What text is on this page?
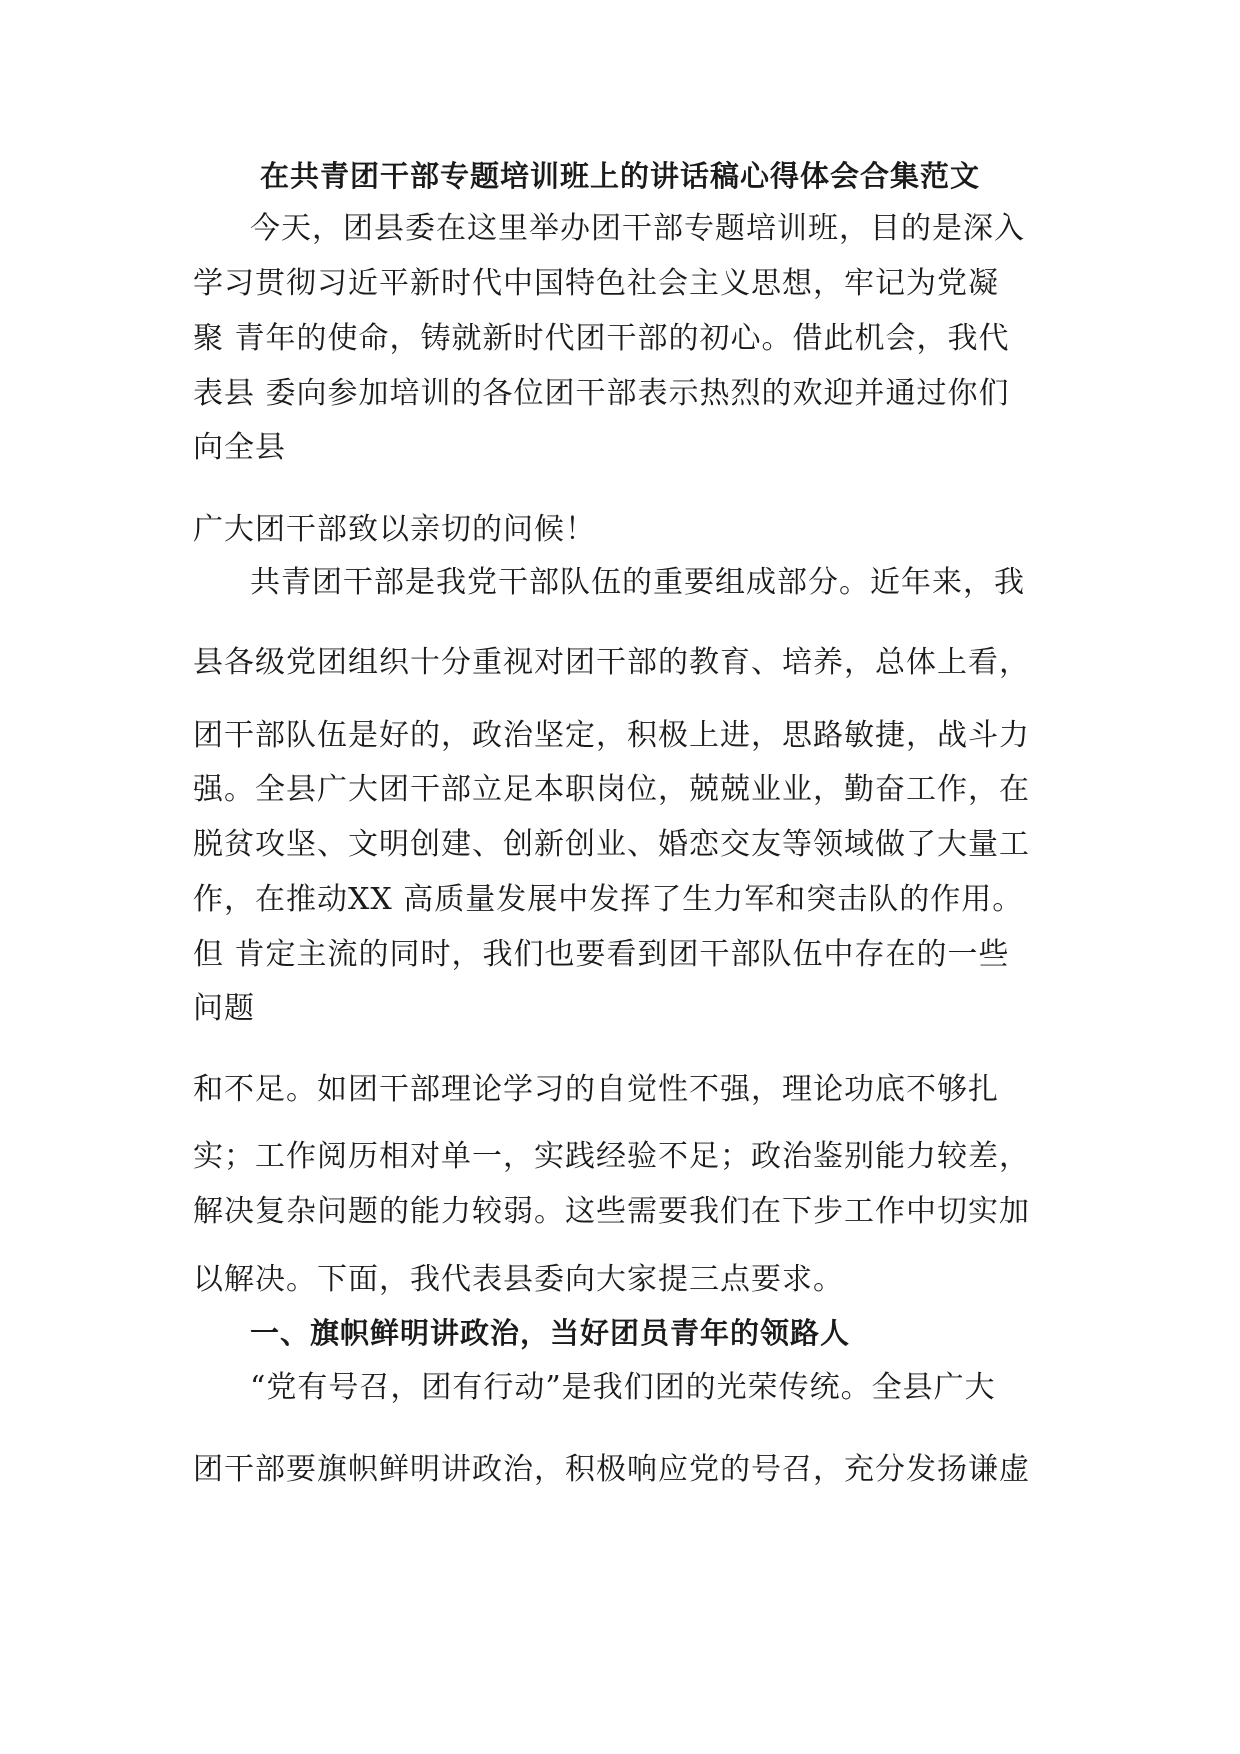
在共青团干部专题培训班上的讲话稿心得体会合集范文
今天，团县委在这里举办团干部专题培训班，目的是深入
学习贯彻习近平新时代中国特色社会主义思想，牢记为党凝
聚 青年的使命，铸就新时代团干部的初心。借此机会，我代
表县 委向参加培训的各位团干部表示热烈的欢迎并通过你们
向全县
广大团干部致以亲切的问候！
共青团干部是我党干部队伍的重要组成部分。近年来，我
县各级党团组织十分重视对团干部的教育、培养，总体上看，
团干部队伍是好的，政治坚定，积极上进，思路敏捷，战斗力
强。全县广大团干部立足本职岗位，兢兢业业，勤奋工作，在
脱贫攻坚、文明创建、创新创业、婚恋交友等领域做了大量工
作，在推动XX 高质量发展中发挥了生力军和突击队的作用。
但 肯定主流的同时，我们也要看到团干部队伍中存在的一些
问题
和不足。如团干部理论学习的自觉性不强，理论功底不够扎
实；工作阅历相对单一，实践经验不足；政治鉴别能力较差，
解决复杂问题的能力较弱。这些需要我们在下步工作中切实加
以解决。下面，我代表县委向大家提三点要求。
一、旗帜鲜明讲政治，当好团员青年的领路人
“党有号召，团有行动”是我们团的光荣传统。全县广大
团干部要旗帜鲜明讲政治，积极响应党的号召，充分发扬谦虚
